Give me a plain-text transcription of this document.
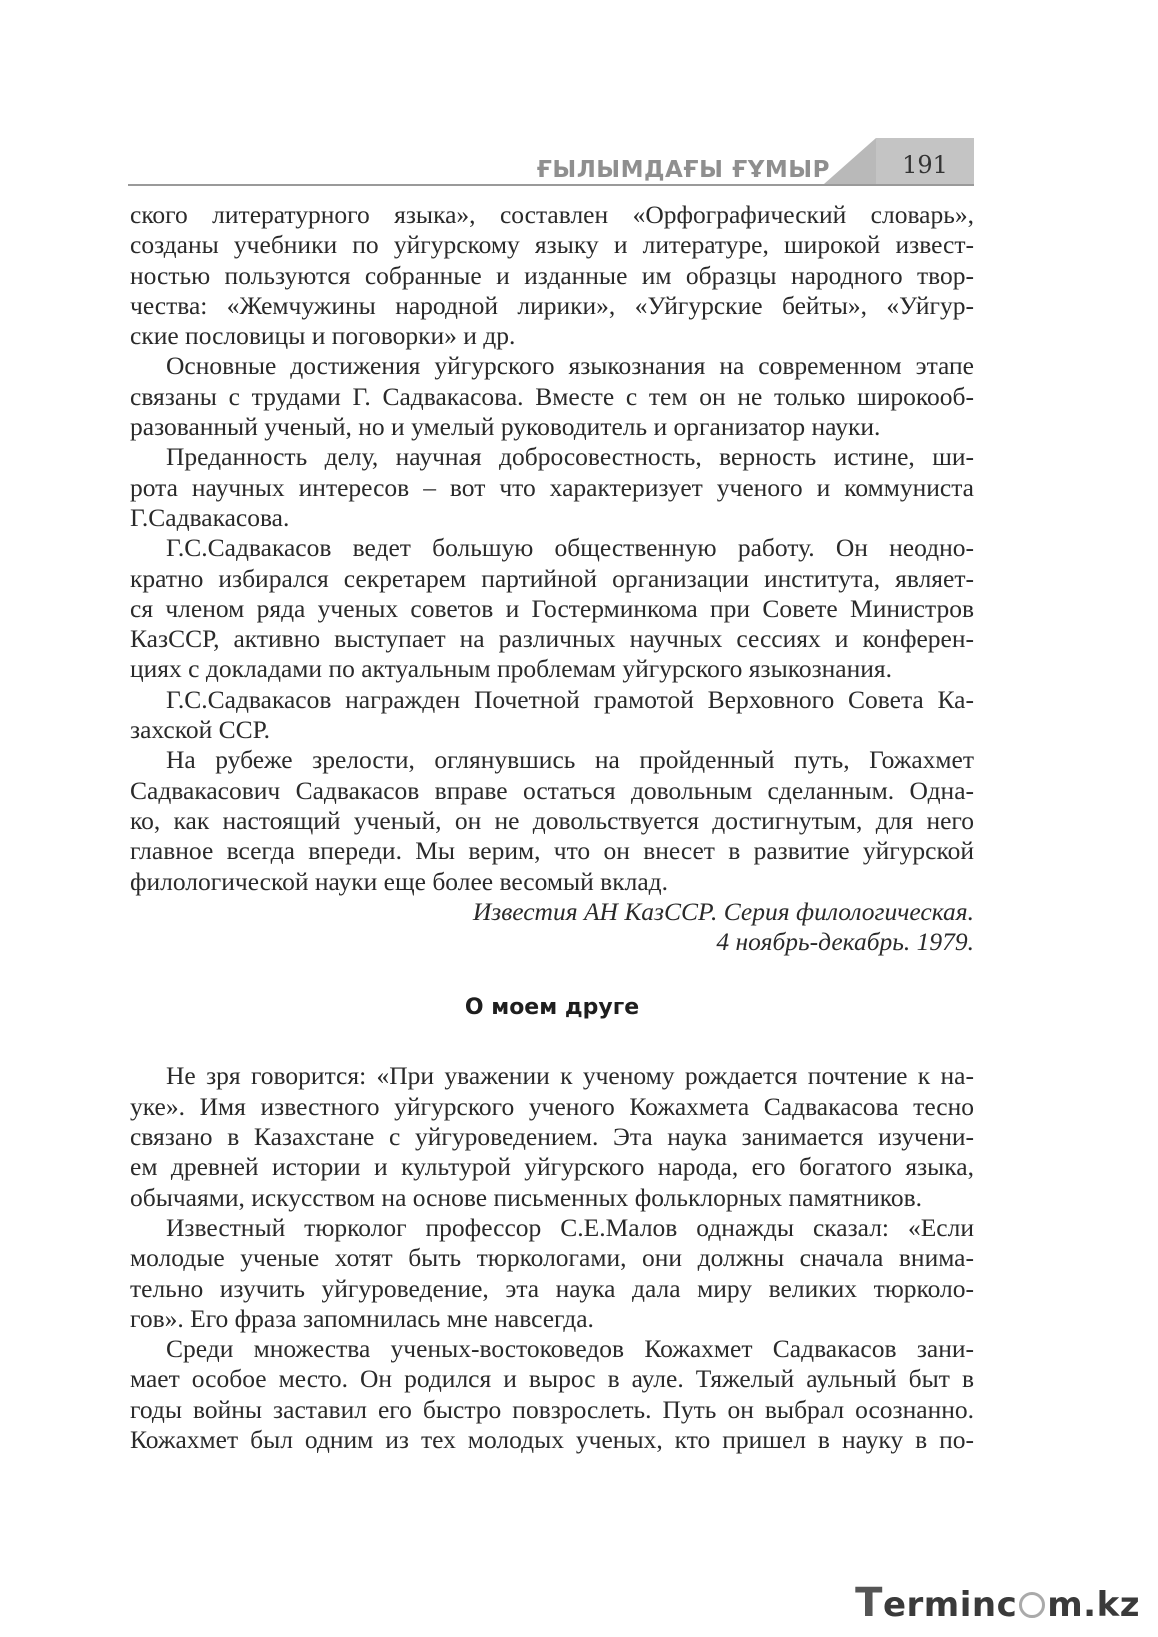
ҒЫЛЫМДАҒЫ ҒҰМЫР	191
ского литературного языка», составлен «Орфографический словарь»,
созданы учебники по уйгурскому языку и литературе, широкой извест-
ностью пользуются собранные и изданные им образцы народного твор-
чества: «Жемчужины народной лирики», «Уйгурские бейты», «Уйгур-
ские пословицы и поговорки» и др.
Основные достижения уйгурского языкознания на современном этапе
связаны с трудами Г. Садвакасова. Вместе с тем он не только широкооб-
разованный ученый, но и умелый руководитель и организатор науки.
Преданность делу, научная добросовестность, верность истине, ши-
рота научных интересов – вот что характеризует ученого и коммуниста
Г.Садвакасова.
Г.С.Садвакасов ведет большую общественную работу. Он неодно-
кратно избирался секретарем партийной организации института, являет-
ся членом ряда ученых советов и Гостерминкома при Совете Министров
КазССР, активно выступает на различных научных сессиях и конферен-
циях с докладами по актуальным проблемам уйгурского языкознания.
Г.С.Садвакасов награжден Почетной грамотой Верховного Совета Ка-
захской ССР.
На рубеже зрелости, оглянувшись на пройденный путь, Гожахмет
Садвакасович Садвакасов вправе остаться довольным сделанным. Одна-
ко, как настоящий ученый, он не довольствуется достигнутым, для него
главное всегда впереди. Мы верим, что он внесет в развитие уйгурской
филологической науки еще более весомый вклад.
Известия АН КазССР. Серия филологическая.
4 ноябрь-декабрь. 1979.
О моем друге
Не зря говорится: «При уважении к ученому рождается почтение к на-
уке». Имя известного уйгурского ученого Кожахмета Садвакасова тесно
связано в Казахстане с уйгуроведением. Эта наука занимается изучени-
ем древней истории и культурой уйгурского народа, его богатого языка,
обычаями, искусством на основе письменных фольклорных памятников.
Известный тюрколог профессор С.Е.Малов однажды сказал: «Если
молодые ученые хотят быть тюркологами, они должны сначала внима-
тельно изучить уйгуроведение, эта наука дала миру великих тюрколо-
гов». Его фраза запомнилась мне навсегда.
Среди множества ученых-востоковедов Кожахмет Садвакасов зани-
мает особое место. Он родился и вырос в ауле. Тяжелый аульный быт в
годы войны заставил его быстро повзрослеть. Путь он выбрал осознанно.
Кожахмет был одним из тех молодых ученых, кто пришел в науку в по-
Terminc m.kz
